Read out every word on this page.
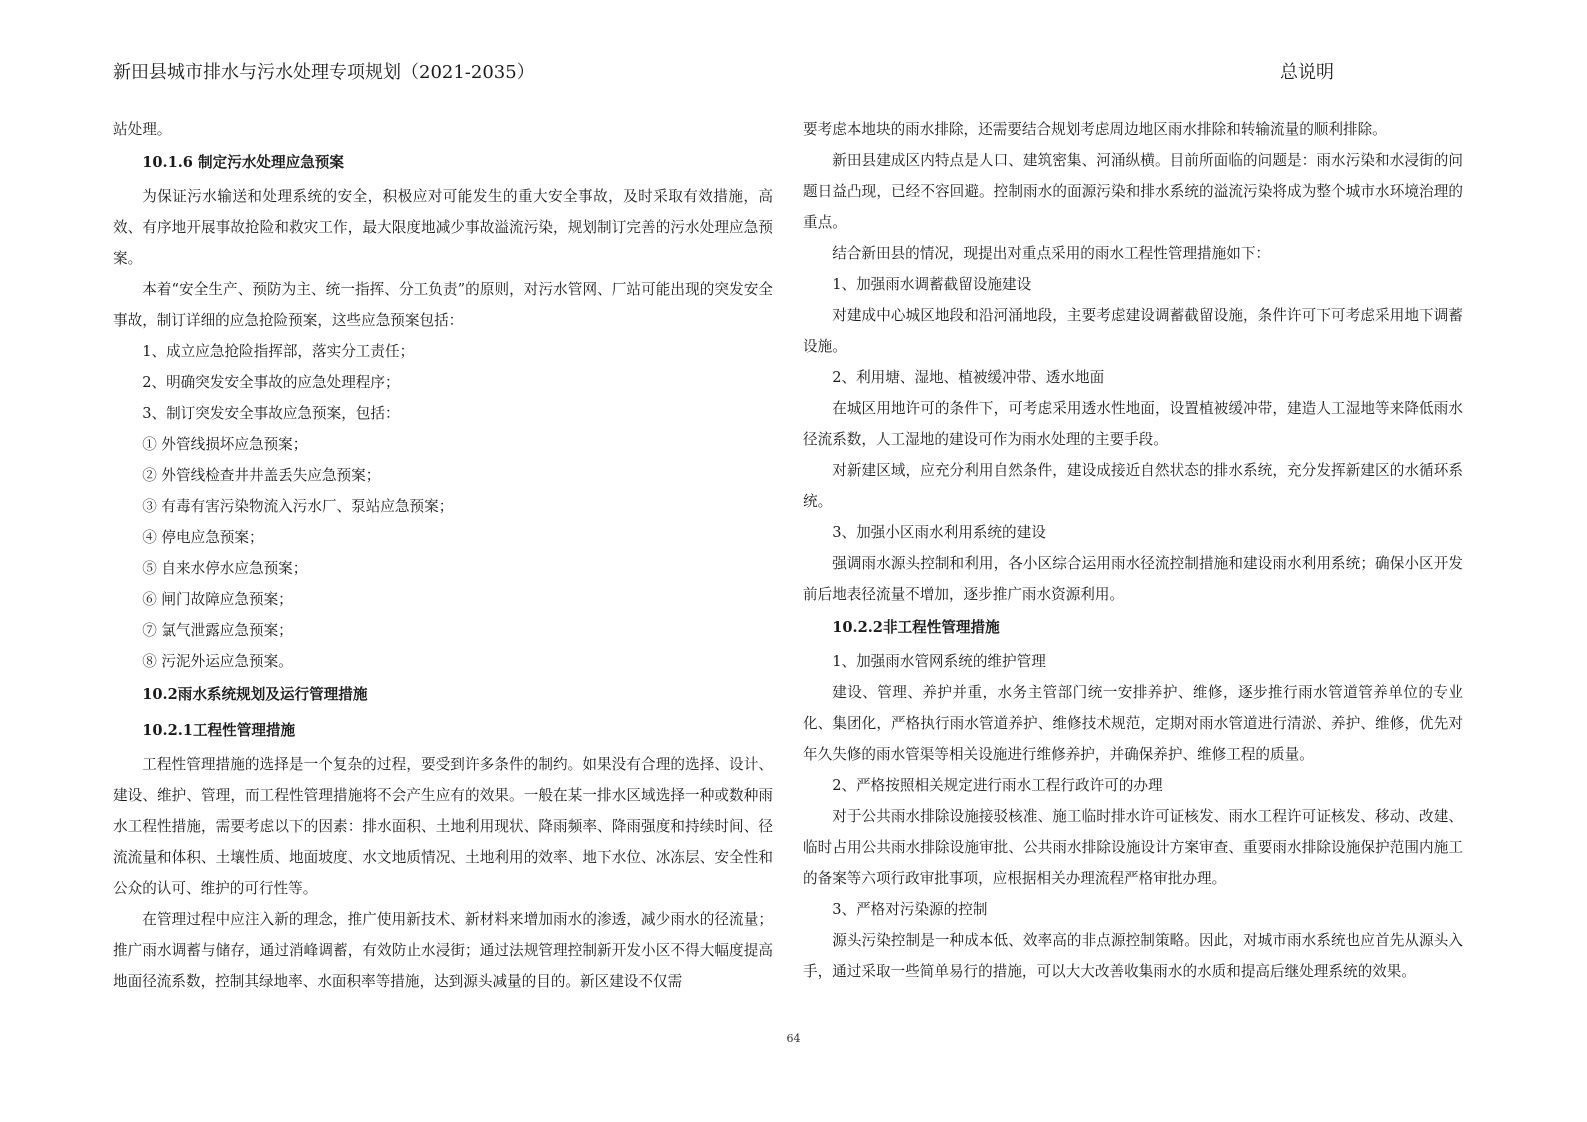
新田县城市排水与污水处理专项规划（2021-2035）	总说明

站处理。

10.1.6 制定污水处理应急预案

为保证污水输送和处理系统的安全，积极应对可能发生的重大安全事故，及时采取有效措施，高效、有序地开展事故抢险和救灾工作，最大限度地减少事故溢流污染，规划制订完善的污水处理应急预案。

本着“安全生产、预防为主、统一指挥、分工负责”的原则，对污水管网、厂站可能出现的突发安全事故，制订详细的应急抢险预案，这些应急预案包括：

1、成立应急抢险指挥部，落实分工责任；

2、明确突发安全事故的应急处理程序；

3、制订突发安全事故应急预案，包括：

① 外管线损坏应急预案；

② 外管线检查井井盖丢失应急预案；

③ 有毒有害污染物流入污水厂、泵站应急预案；

④ 停电应急预案；

⑤ 自来水停水应急预案；

⑥ 闸门故障应急预案；

⑦ 氯气泄露应急预案；

⑧ 污泥外运应急预案。

10.2雨水系统规划及运行管理措施
10.2.1工程性管理措施

工程性管理措施的选择是一个复杂的过程，要受到许多条件的制约。如果没有合理的选择、设计、建设、维护、管理，而工程性管理措施将不会产生应有的效果。一般在某一排水区域选择一种或数种雨水工程性措施，需要考虑以下的因素：排水面积、土地利用现状、降雨频率、降雨强度和持续时间、径流流量和体积、土壤性质、地面坡度、水文地质情况、土地利用的效率、地下水位、冰冻层、安全性和公众的认可、维护的可行性等。

在管理过程中应注入新的理念，推广使用新技术、新材料来增加雨水的渗透，减少雨水的径流量；推广雨水调蓄与储存，通过消峰调蓄，有效防止水浸街；通过法规管理控制新开发小区不得大幅度提高地面径流系数，控制其绿地率、水面积率等措施，达到源头减量的目的。新区建设不仅需

要考虑本地块的雨水排除，还需要结合规划考虑周边地区雨水排除和转输流量的顺利排除。

新田县建成区内特点是人口、建筑密集、河涌纵横。目前所面临的问题是：雨水污染和水浸街的问题日益凸现，已经不容回避。控制雨水的面源污染和排水系统的溢流污染将成为整个城市水环境治理的重点。

结合新田县的情况，现提出对重点采用的雨水工程性管理措施如下：

1、加强雨水调蓄截留设施建设

对建成中心城区地段和沿河涌地段，主要考虑建设调蓄截留设施，条件许可下可考虑采用地下调蓄设施。

2、利用塘、湿地、植被缓冲带、透水地面

在城区用地许可的条件下，可考虑采用透水性地面，设置植被缓冲带，建造人工湿地等来降低雨水径流系数，人工湿地的建设可作为雨水处理的主要手段。

对新建区域，应充分利用自然条件，建设成接近自然状态的排水系统，充分发挥新建区的水循环系统。

3、加强小区雨水利用系统的建设

强调雨水源头控制和利用，各小区综合运用雨水径流控制措施和建设雨水利用系统；确保小区开发前后地表径流量不增加，逐步推广雨水资源利用。

10.2.2非工程性管理措施

1、加强雨水管网系统的维护管理

建设、管理、养护并重，水务主管部门统一安排养护、维修，逐步推行雨水管道管养单位的专业化、集团化，严格执行雨水管道养护、维修技术规范，定期对雨水管道进行清淤、养护、维修，优先对年久失修的雨水管渠等相关设施进行维修养护，并确保养护、维修工程的质量。

2、严格按照相关规定进行雨水工程行政许可的办理

对于公共雨水排除设施接驳核准、施工临时排水许可证核发、雨水工程许可证核发、移动、改建、临时占用公共雨水排除设施审批、公共雨水排除设施设计方案审查、重要雨水排除设施保护范围内施工的备案等六项行政审批事项，应根据相关办理流程严格审批办理。

3、严格对污染源的控制

源头污染控制是一种成本低、效率高的非点源控制策略。因此，对城市雨水系统也应首先从源头入手，通过采取一些简单易行的措施，可以大大改善收集雨水的水质和提高后继处理系统的效果。

64
